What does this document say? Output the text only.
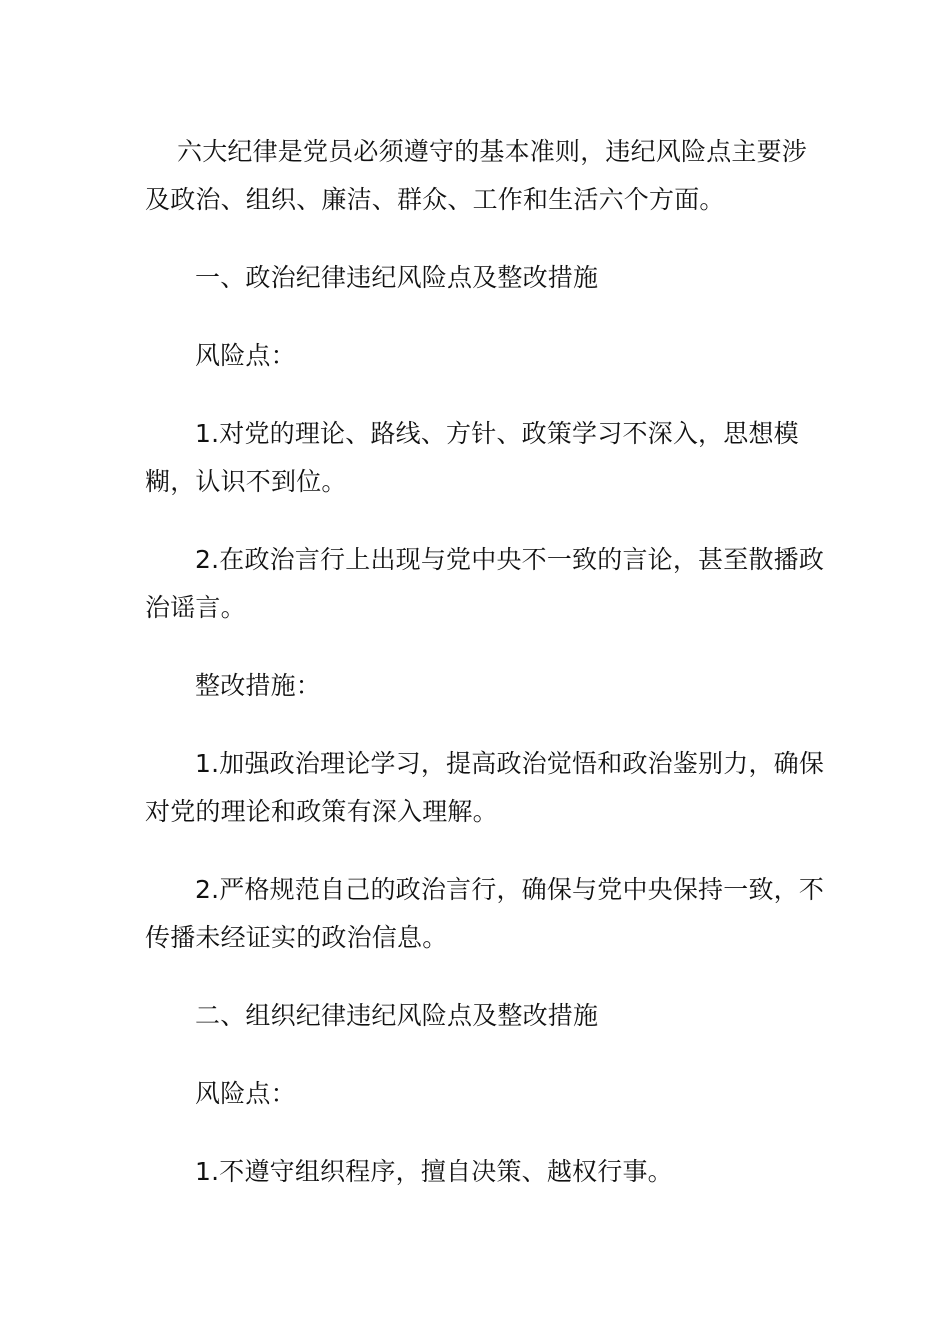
六大纪律是党员必须遵守的基本准则，违纪风险点主要涉及政治、组织、廉洁、群众、工作和生活六个方面。

一、政治纪律违纪风险点及整改措施

风险点：

1.对党的理论、路线、方针、政策学习不深入，思想模糊，认识不到位。

2.在政治言行上出现与党中央不一致的言论，甚至散播政治谣言。

整改措施：

1.加强政治理论学习，提高政治觉悟和政治鉴别力，确保对党的理论和政策有深入理解。

2.严格规范自己的政治言行，确保与党中央保持一致，不传播未经证实的政治信息。

二、组织纪律违纪风险点及整改措施

风险点：

1.不遵守组织程序，擅自决策、越权行事。
